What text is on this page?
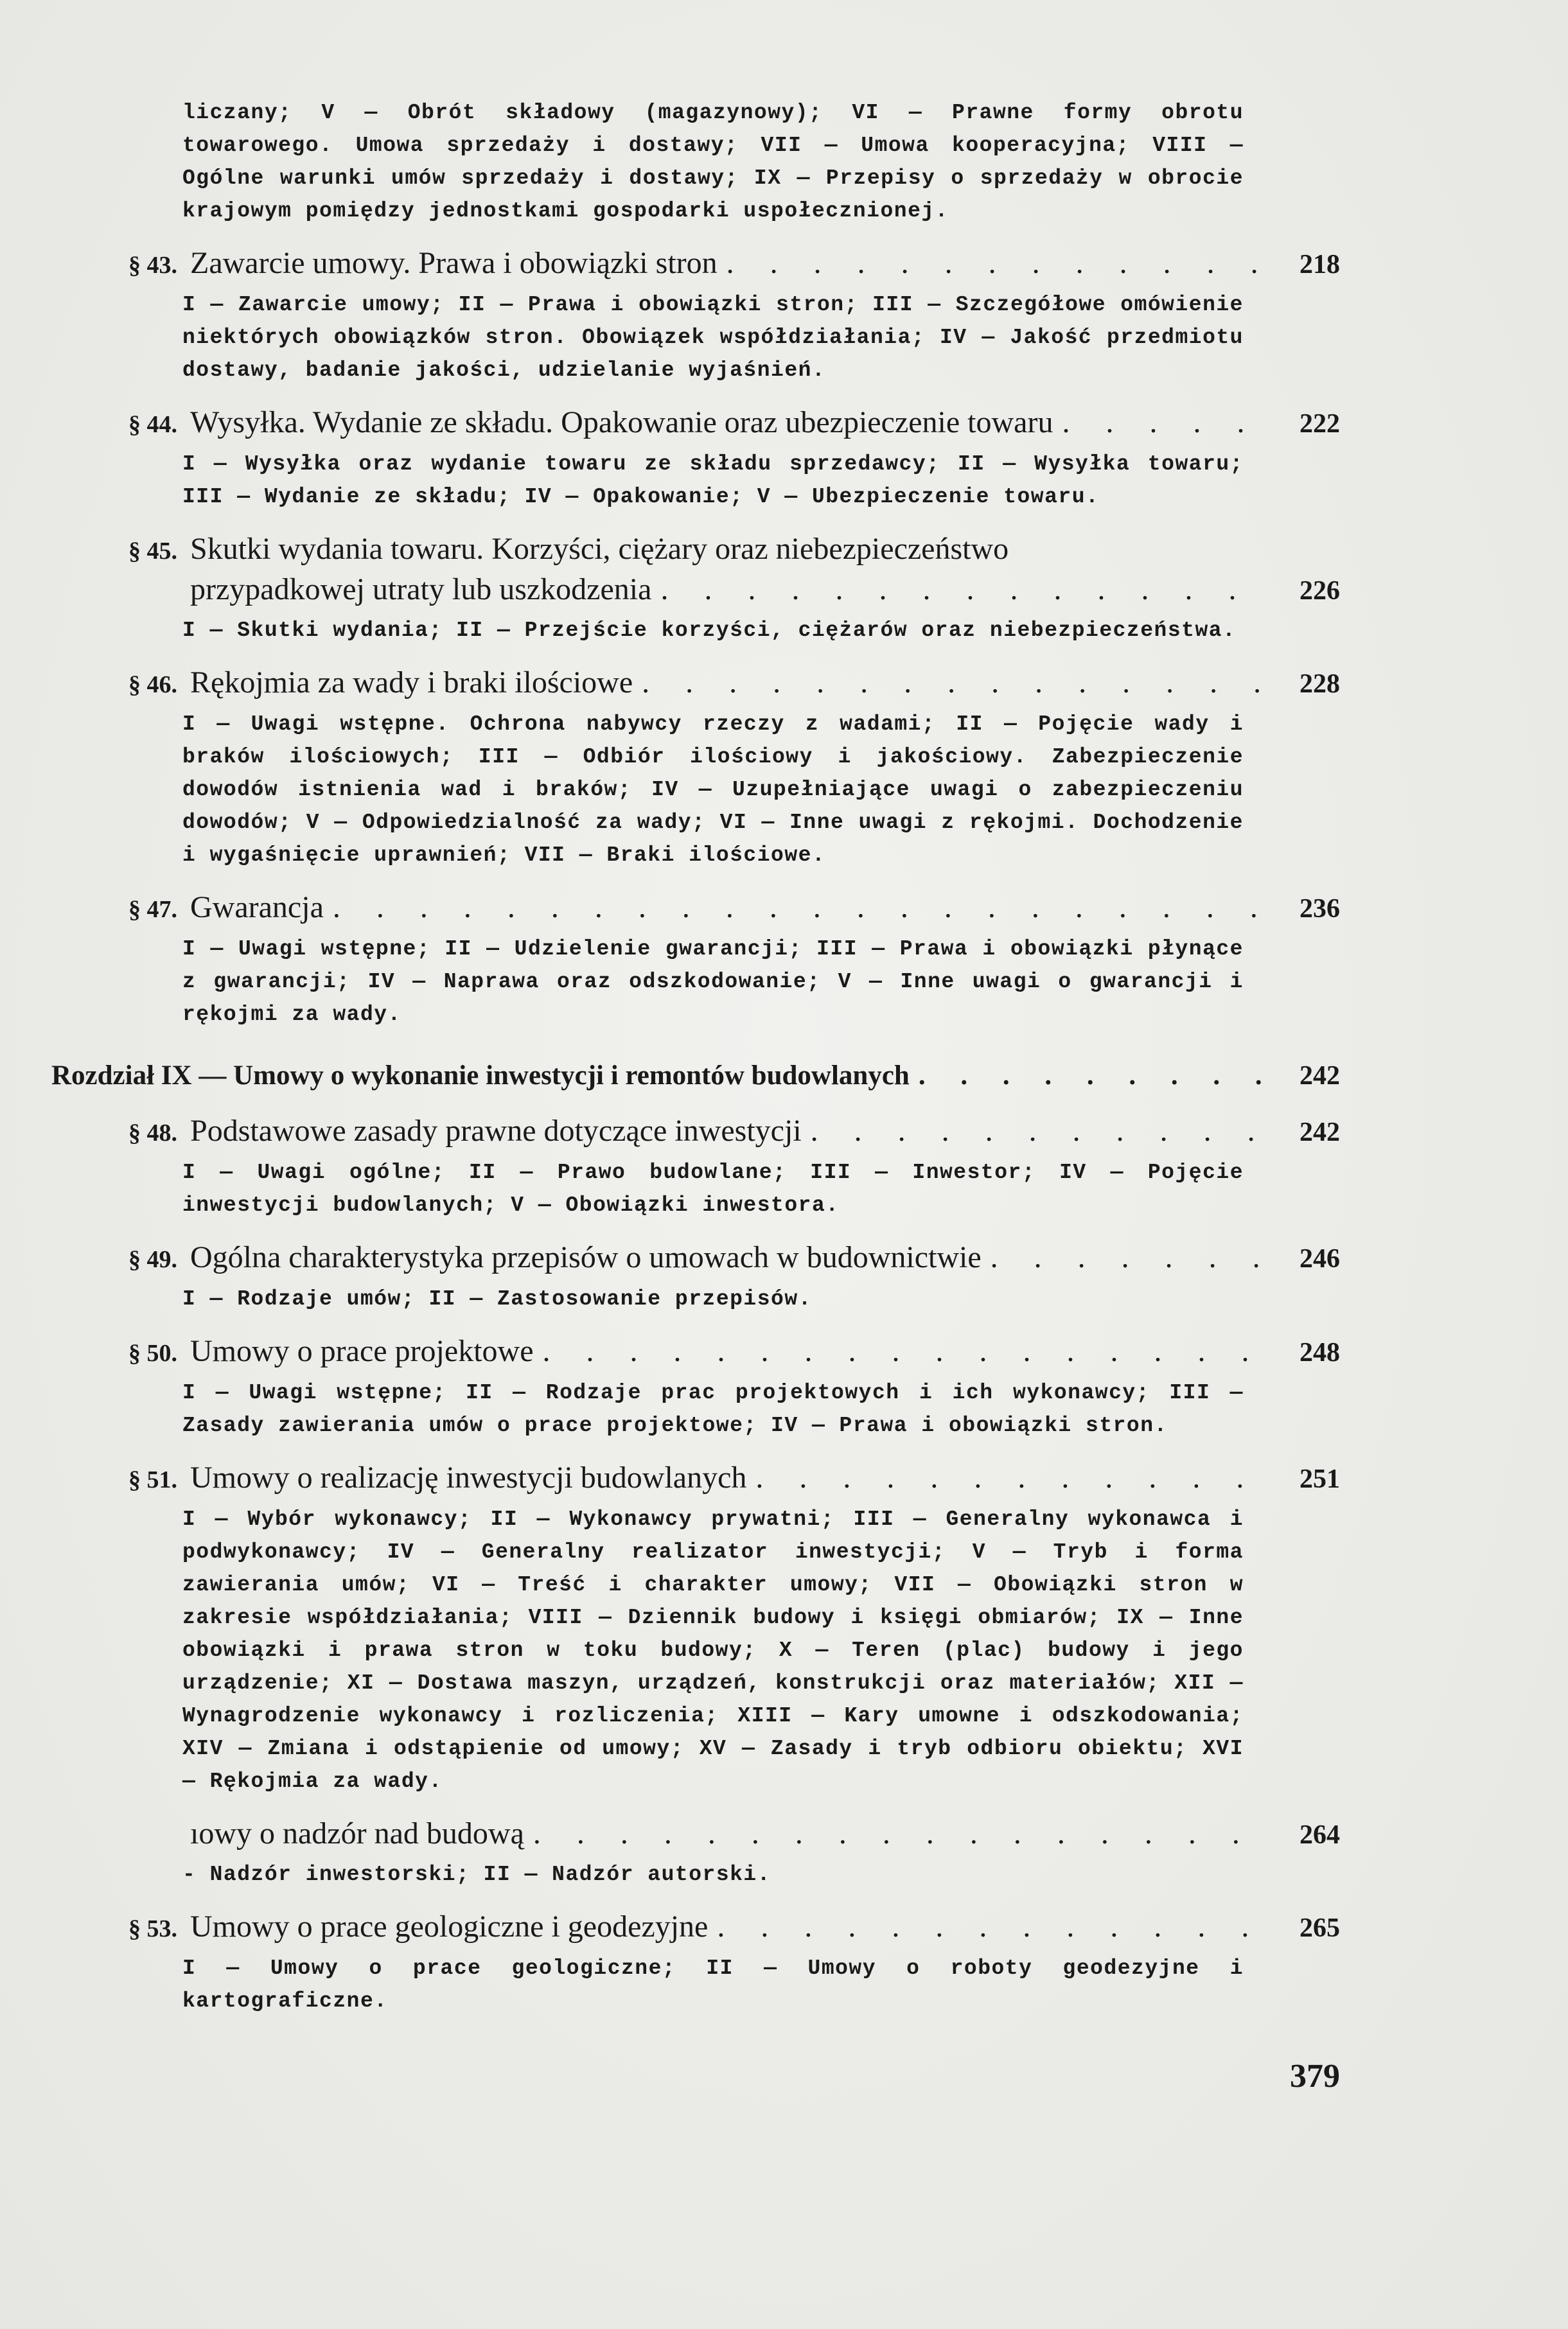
liczany; V — Obrót składowy (magazynowy); VI — Prawne formy obrotu towarowego. Umowa sprzedaży i dostawy; VII — Umowa kooperacyjna; VIII — Ogólne warunki umów sprzedaży i dostawy; IX — Przepisy o sprzedaży w obrocie krajowym pomiędzy jednostkami gospodarki uspołecznionej.
§ 43. Zawarcie umowy. Prawa i obowiązki stron . . .	218
I — Zawarcie umowy; II — Prawa i obowiązki stron; III — Szczegółowe omówienie niektórych obowiązków stron. Obowiązek współdziałania; IV — Jakość przedmiotu dostawy, badanie jakości, udzielanie wyjaśnień.
§ 44. Wysyłka. Wydanie ze składu. Opakowanie oraz ubezpieczenie towaru . . .	222
I — Wysyłka oraz wydanie towaru ze składu sprzedawcy; II — Wysyłka towaru; III — Wydanie ze składu; IV — Opakowanie; V — Ubezpieczenie towaru.
§ 45. Skutki wydania towaru. Korzyści, ciężary oraz niebezpieczeństwo
przypadkowej utraty lub uszkodzenia . . .	226
I — Skutki wydania; II — Przejście korzyści, ciężarów oraz niebezpieczeństwa.
§ 46. Rękojmia za wady i braki ilościowe . . .	228
I — Uwagi wstępne. Ochrona nabywcy rzeczy z wadami; II — Pojęcie wady i braków ilościowych; III — Odbiór ilościowy i jakościowy. Zabezpieczenie dowodów istnienia wad i braków; IV — Uzupełniające uwagi o zabezpieczeniu dowodów; V — Odpowiedzialność za wady; VI — Inne uwagi z rękojmi. Dochodzenie i wygaśnięcie uprawnień; VII — Braki ilościowe.
§ 47. Gwarancja . . .	236
I — Uwagi wstępne; II — Udzielenie gwarancji; III — Prawa i obowiązki płynące z gwarancji; IV — Naprawa oraz odszkodowanie; V — Inne uwagi o gwarancji i rękojmi za wady.
Rozdział IX — Umowy o wykonanie inwestycji i remontów budowlanych . . .	242
§ 48. Podstawowe zasady prawne dotyczące inwestycji . . .	242
I — Uwagi ogólne; II — Prawo budowlane; III — Inwestor; IV — Pojęcie inwestycji budowlanych; V — Obowiązki inwestora.
§ 49. Ogólna charakterystyka przepisów o umowach w budownictwie . . .	246
I — Rodzaje umów; II — Zastosowanie przepisów.
§ 50. Umowy o prace projektowe . . .	248
I — Uwagi wstępne; II — Rodzaje prac projektowych i ich wykonawcy; III — Zasady zawierania umów o prace projektowe; IV — Prawa i obowiązki stron.
§ 51. Umowy o realizację inwestycji budowlanych . . .	251
I — Wybór wykonawcy; II — Wykonawcy prywatni; III — Generalny wykonawca i podwykonawcy; IV — Generalny realizator inwestycji; V — Tryb i forma zawierania umów; VI — Treść i charakter umowy; VII — Obowiązki stron w zakresie współdziałania; VIII — Dziennik budowy i księgi obmiarów; IX — Inne obowiązki i prawa stron w toku budowy; X — Teren (plac) budowy i jego urządzenie; XI — Dostawa maszyn, urządzeń, konstrukcji oraz materiałów; XII — Wynagrodzenie wykonawcy i rozliczenia; XIII — Kary umowne i odszkodowania; XIV — Zmiana i odstąpienie od umowy; XV — Zasady i tryb odbioru obiektu; XVI — Rękojmia za wady.
ıowy o nadzór nad budową . . .	264
- Nadzór inwestorski; II — Nadzór autorski.
§ 53. Umowy o prace geologiczne i geodezyjne . . .	265
I — Umowy o prace geologiczne; II — Umowy o roboty geodezyjne i kartograficzne.
379
